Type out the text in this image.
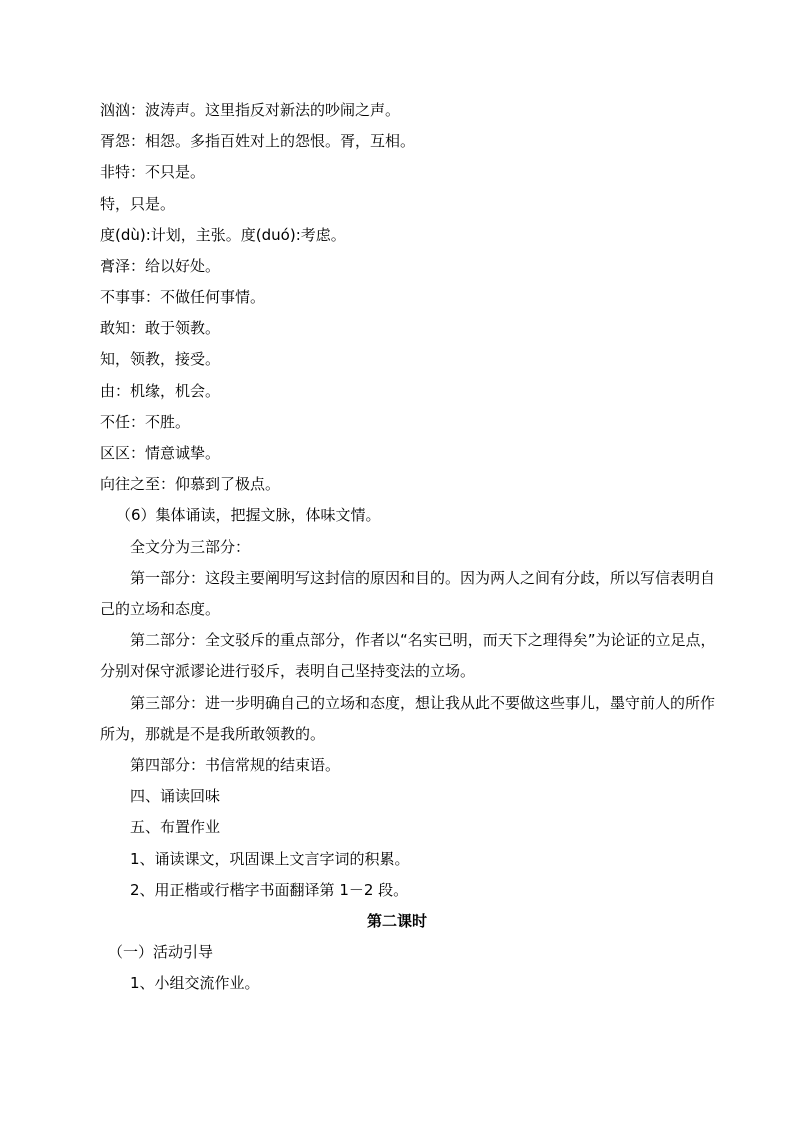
汹汹：波涛声。这里指反对新法的吵闹之声。
胥怨：相怨。多指百姓对上的怨恨。胥，互相。
非特：不只是。
特，只是。
度(dù):计划，主张。度(duó):考虑。
膏泽：给以好处。
不事事：不做任何事情。
敢知：敢于领教。
知，领教，接受。
由：机缘，机会。
不任：不胜。
区区：情意诚挚。
向往之至：仰慕到了极点。
（6）集体诵读，把握文脉，体味文情。
全文分为三部分：
第一部分：这段主要阐明写这封信的原因和目的。因为两人之间有分歧，所以写信表明自
己的立场和态度。
第二部分：全文驳斥的重点部分，作者以“名实已明，而天下之理得矣”为论证的立足点，
分别对保守派谬论进行驳斥，表明自己坚持变法的立场。
第三部分：进一步明确自己的立场和态度，想让我从此不要做这些事儿，墨守前人的所作
所为，那就是不是我所敢领教的。
第四部分：书信常规的结束语。
四、诵读回味
五、布置作业
1、诵读课文，巩固课上文言字词的积累。
2、用正楷或行楷字书面翻译第 1－2 段。
第二课时
（一）活动引导
1、小组交流作业。
